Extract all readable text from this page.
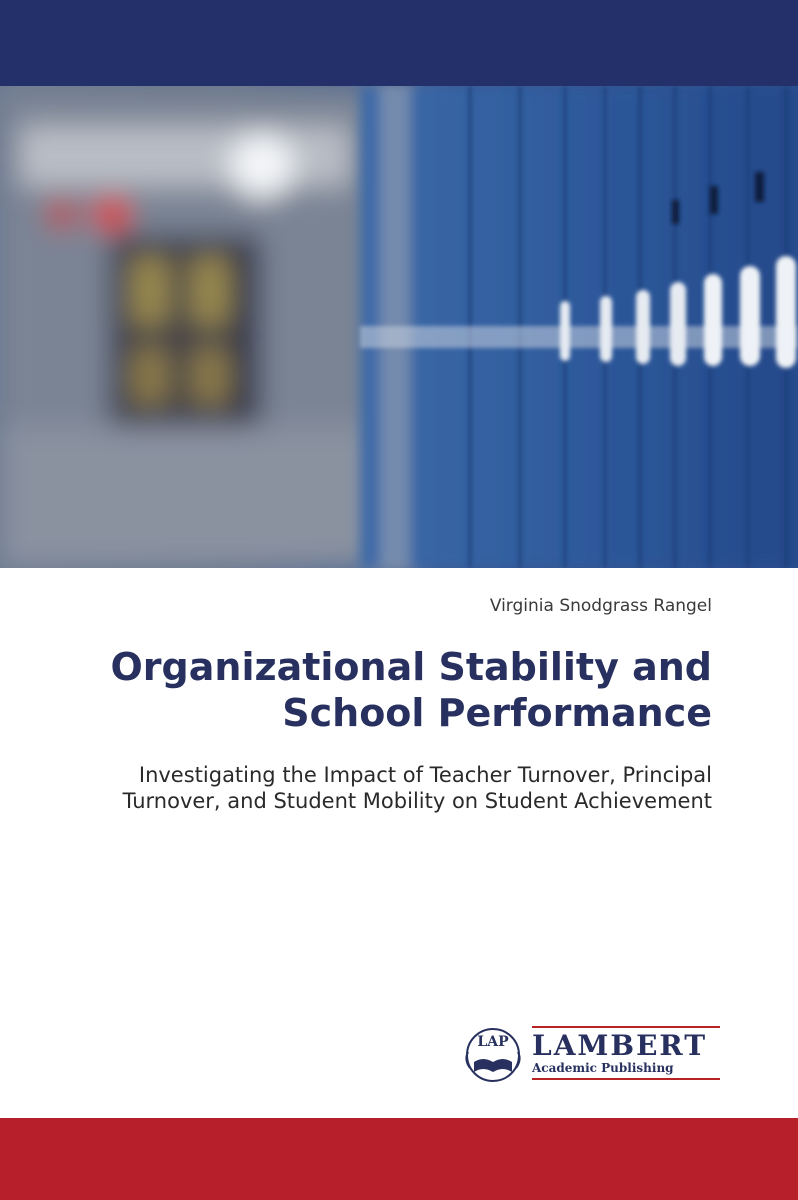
Virginia Snodgrass Rangel
Organizational Stability and School Performance
Investigating the Impact of Teacher Turnover, Principal Turnover, and Student Mobility on Student Achievement
LAP LAMBERT
Academic Publishing
